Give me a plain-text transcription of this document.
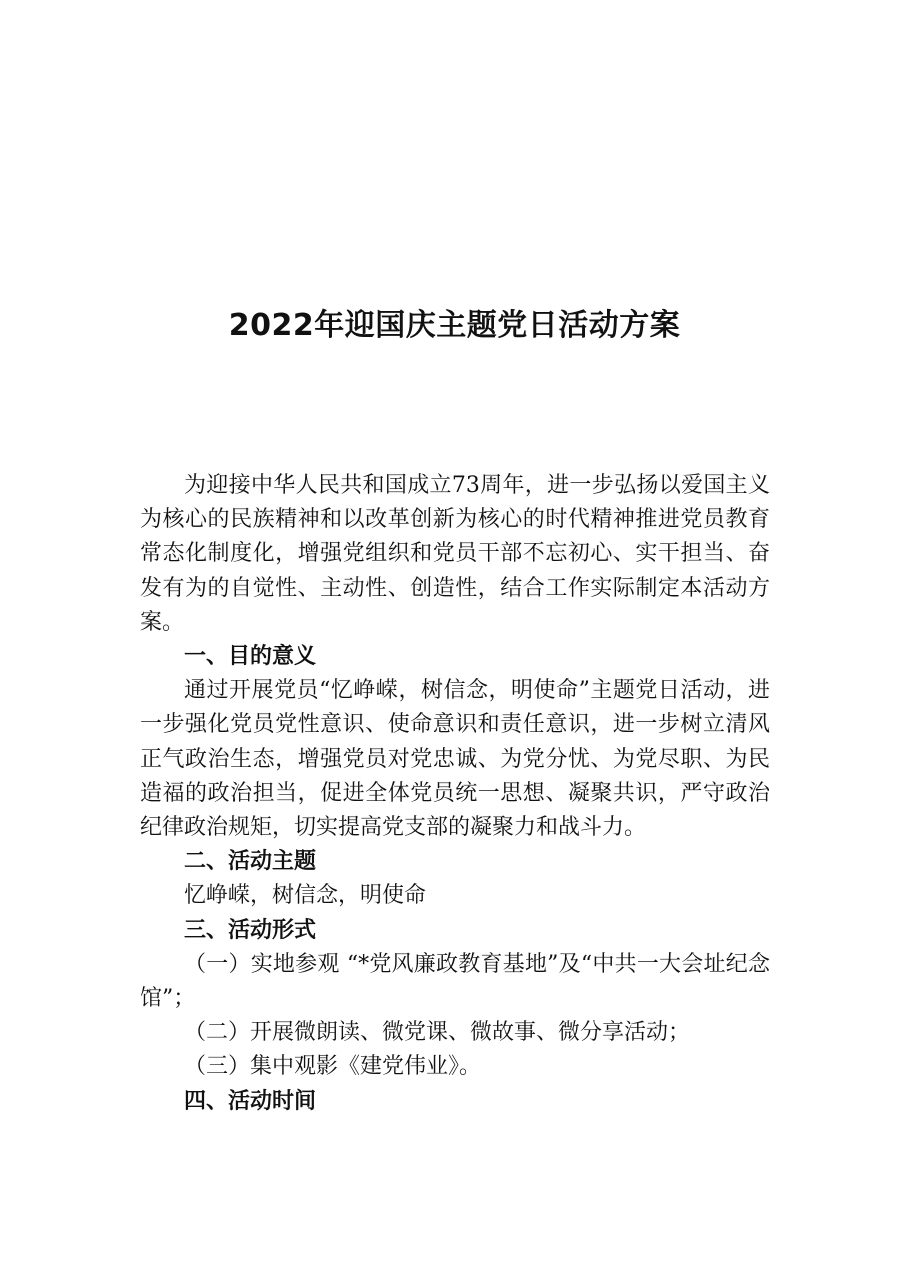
2022年迎国庆主题党日活动方案

为迎接中华人民共和国成立73周年，进一步弘扬以爱国主义为核心的民族精神和以改革创新为核心的时代精神推进党员教育常态化制度化，增强党组织和党员干部不忘初心、实干担当、奋发有为的自觉性、主动性、创造性，结合工作实际制定本活动方案。

一、目的意义

通过开展党员“忆峥嵘，树信念，明使命”主题党日活动，进一步强化党员党性意识、使命意识和责任意识，进一步树立清风正气政治生态，增强党员对党忠诚、为党分忧、为党尽职、为民造福的政治担当，促进全体党员统一思想、凝聚共识，严守政治纪律政治规矩，切实提高党支部的凝聚力和战斗力。

二、活动主题

忆峥嵘，树信念，明使命

三、活动形式

（一）实地参观 “*党风廉政教育基地”及“中共一大会址纪念馆”；

（二）开展微朗读、微党课、微故事、微分享活动；

（三）集中观影《建党伟业》。

四、活动时间
